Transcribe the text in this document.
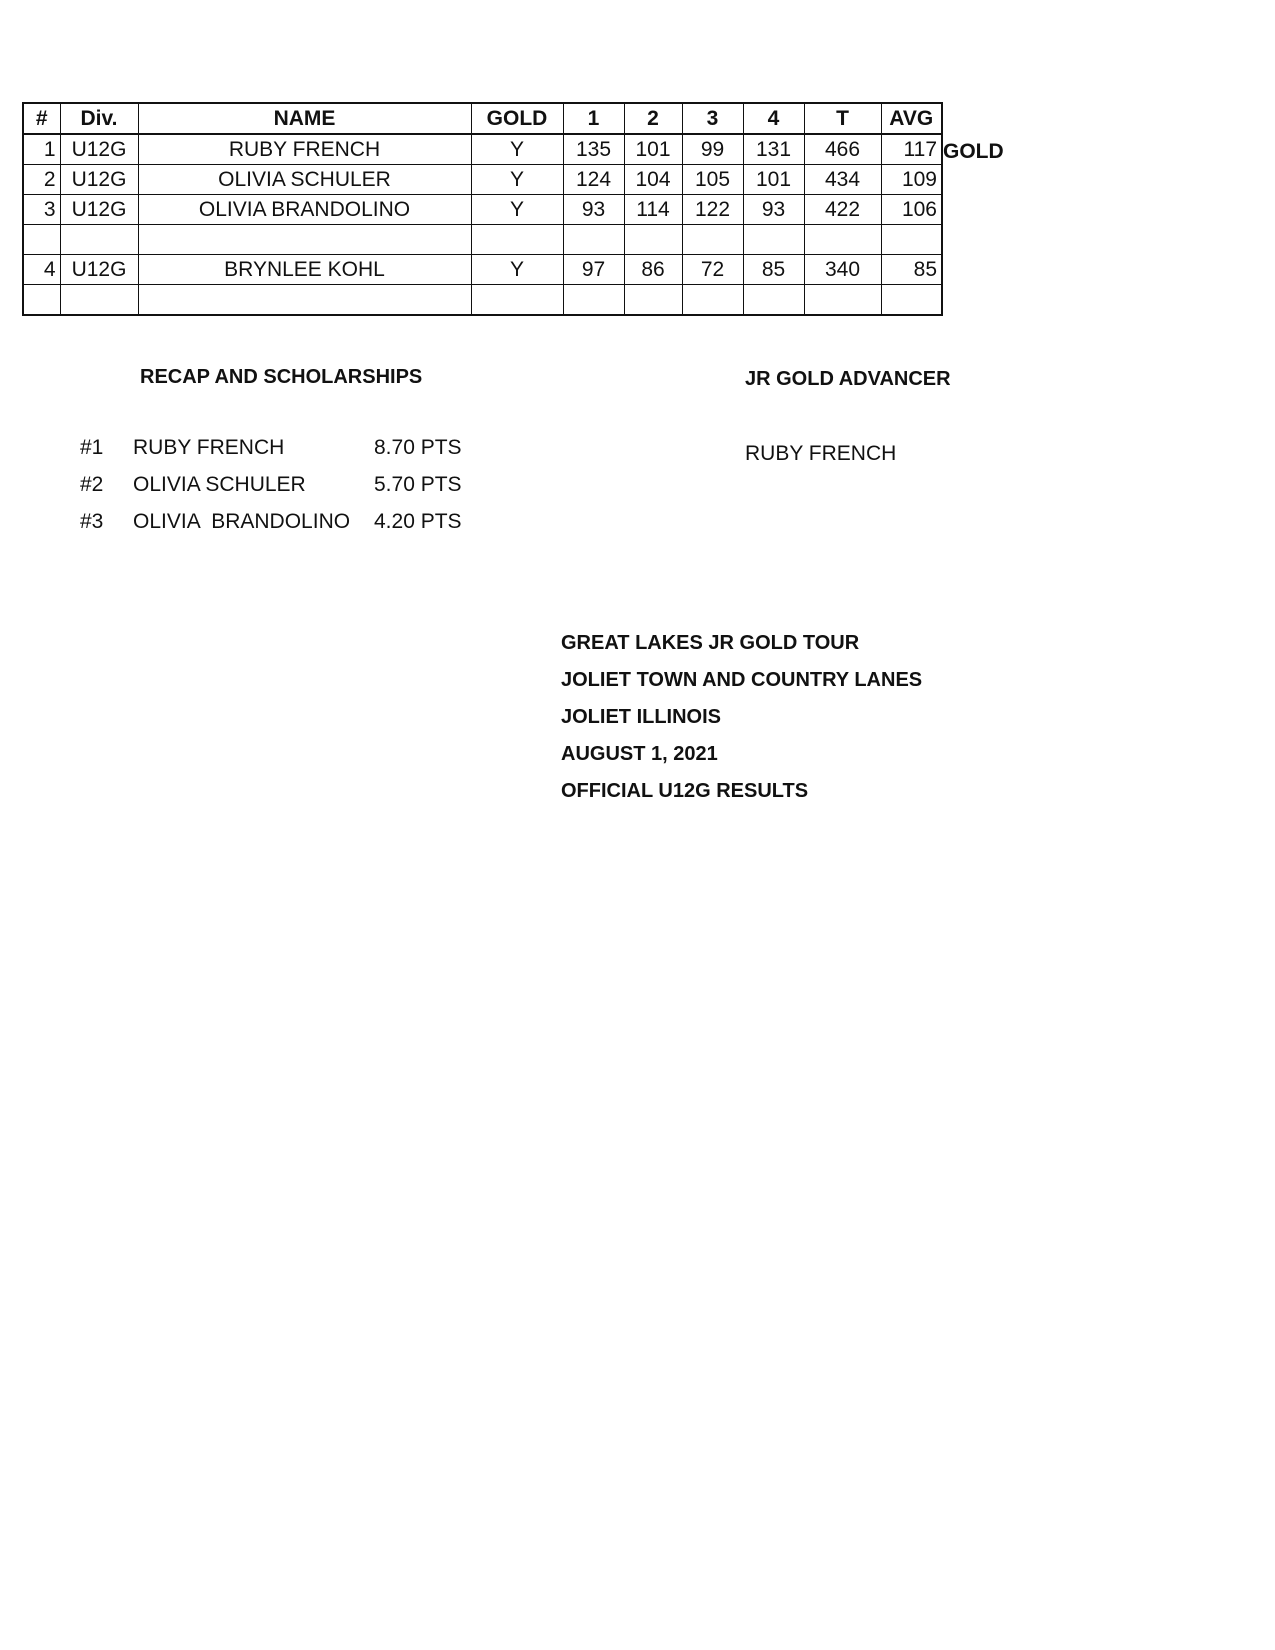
#	Div.	NAME	GOLD	1	2	3	4	T	AVG
1	U12G	RUBY FRENCH	Y	135	101	99	131	466	117
2	U12G	OLIVIA SCHULER	Y	124	104	105	101	434	109
3	U12G	OLIVIA BRANDOLINO	Y	93	114	122	93	422	106

4	U12G	BRYNLEE KOHL	Y	97	86	72	85	340	85

GOLD
RECAP AND SCHOLARSHIPS
#1 RUBY FRENCH	8.70 PTS
#2 OLIVIA SCHULER	5.70 PTS
#3 OLIVIA  BRANDOLINO 4.20 PTS
JR GOLD ADVANCER
RUBY FRENCH
GREAT LAKES JR GOLD TOUR
JOLIET TOWN AND COUNTRY LANES
JOLIET ILLINOIS
AUGUST 1, 2021
OFFICIAL U12G RESULTS
